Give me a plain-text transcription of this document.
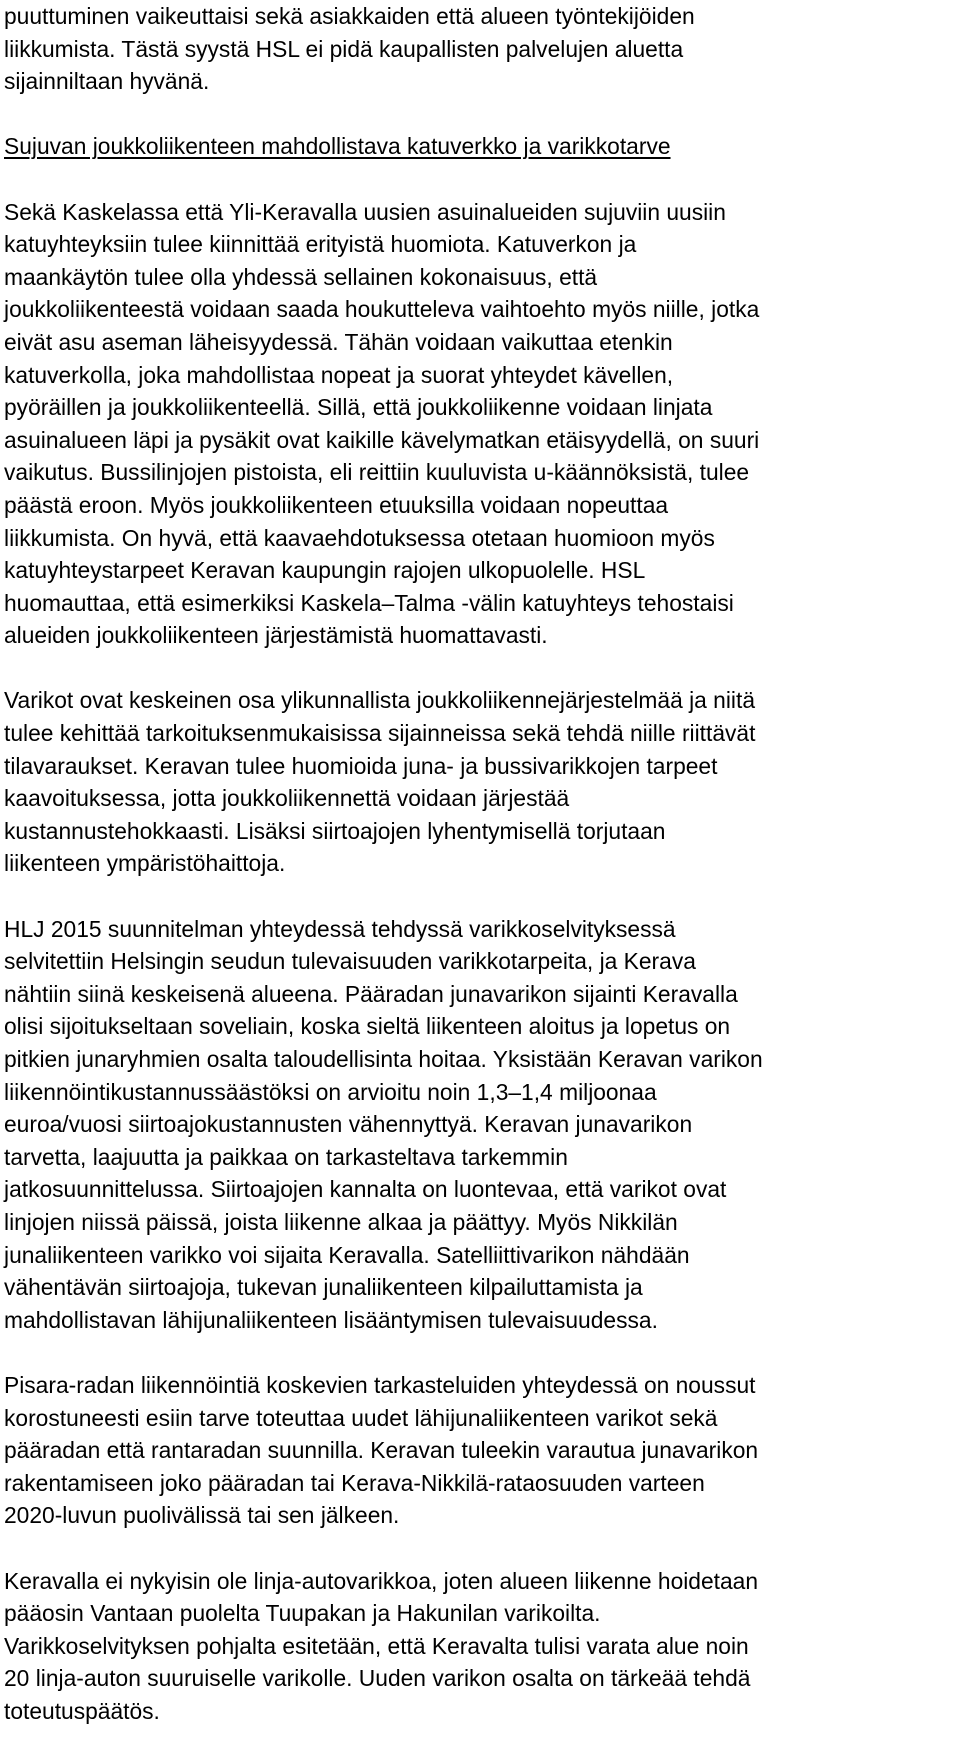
puuttuminen vaikeuttaisi sekä asiakkaiden että alueen työntekijöiden
liikkumista. Tästä syystä HSL ei pidä kaupallisten palvelujen aluetta
sijainniltaan hyvänä.
Sujuvan joukkoliikenteen mahdollistava katuverkko ja varikkotarve
Sekä Kaskelassa että Yli-Keravalla uusien asuinalueiden sujuviin uusiin
katuyhteyksiin tulee kiinnittää erityistä huomiota. Katuverkon ja
maankäytön tulee olla yhdessä sellainen kokonaisuus, että
joukkoliikenteestä voidaan saada houkutteleva vaihtoehto myös niille, jotka
eivät asu aseman läheisyydessä. Tähän voidaan vaikuttaa etenkin
katuverkolla, joka mahdollistaa nopeat ja suorat yhteydet kävellen,
pyöräillen ja joukkoliikenteellä. Sillä, että joukkoliikenne voidaan linjata
asuinalueen läpi ja pysäkit ovat kaikille kävelymatkan etäisyydellä, on suuri
vaikutus. Bussilinjojen pistoista, eli reittiin kuuluvista u-käännöksistä, tulee
päästä eroon. Myös joukkoliikenteen etuuksilla voidaan nopeuttaa
liikkumista. On hyvä, että kaavaehdotuksessa otetaan huomioon myös
katuyhteystarpeet Keravan kaupungin rajojen ulkopuolelle. HSL
huomauttaa, että esimerkiksi Kaskela–Talma -välin katuyhteys tehostaisi
alueiden joukkoliikenteen järjestämistä huomattavasti.
Varikot ovat keskeinen osa ylikunnallista joukkoliikennejärjestelmää ja niitä
tulee kehittää tarkoituksenmukaisissa sijainneissa sekä tehdä niille riittävät
tilavaraukset. Keravan tulee huomioida juna- ja bussivarikkojen tarpeet
kaavoituksessa, jotta joukkoliikennettä voidaan järjestää
kustannustehokkaasti. Lisäksi siirtoajojen lyhentymisellä torjutaan
liikenteen ympäristöhaittoja.
HLJ 2015 suunnitelman yhteydessä tehdyssä varikkoselvityksessä
selvitettiin Helsingin seudun tulevaisuuden varikkotarpeita, ja Kerava
nähtiin siinä keskeisenä alueena. Pääradan junavarikon sijainti Keravalla
olisi sijoitukseltaan soveliain, koska sieltä liikenteen aloitus ja lopetus on
pitkien junaryhmien osalta taloudellisinta hoitaa. Yksistään Keravan varikon
liikennöintikustannussäästöksi on arvioitu noin 1,3–1,4 miljoonaa
euroa/vuosi siirtoajokustannusten vähennyttyä. Keravan junavarikon
tarvetta, laajuutta ja paikkaa on tarkasteltava tarkemmin
jatkosuunnittelussa. Siirtoajojen kannalta on luontevaa, että varikot ovat
linjojen niissä päissä, joista liikenne alkaa ja päättyy. Myös Nikkilän
junaliikenteen varikko voi sijaita Keravalla. Satelliittivarikon nähdään
vähentävän siirtoajoja, tukevan junaliikenteen kilpailuttamista ja
mahdollistavan lähijunaliikenteen lisääntymisen tulevaisuudessa.
Pisara-radan liikennöintiä koskevien tarkasteluiden yhteydessä on noussut
korostuneesti esiin tarve toteuttaa uudet lähijunaliikenteen varikot sekä
pääradan että rantaradan suunnilla. Keravan tuleekin varautua junavarikon
rakentamiseen joko pääradan tai Kerava-Nikkilä-rataosuuden varteen
2020-luvun puolivälissä tai sen jälkeen.
Keravalla ei nykyisin ole linja-autovarikkoa, joten alueen liikenne hoidetaan
pääosin Vantaan puolelta Tuupakan ja Hakunilan varikoilta.
Varikkoselvityksen pohjalta esitetään, että Keravalta tulisi varata alue noin
20 linja-auton suuruiselle varikolle. Uuden varikon osalta on tärkeää tehdä
toteutuspäätös.
